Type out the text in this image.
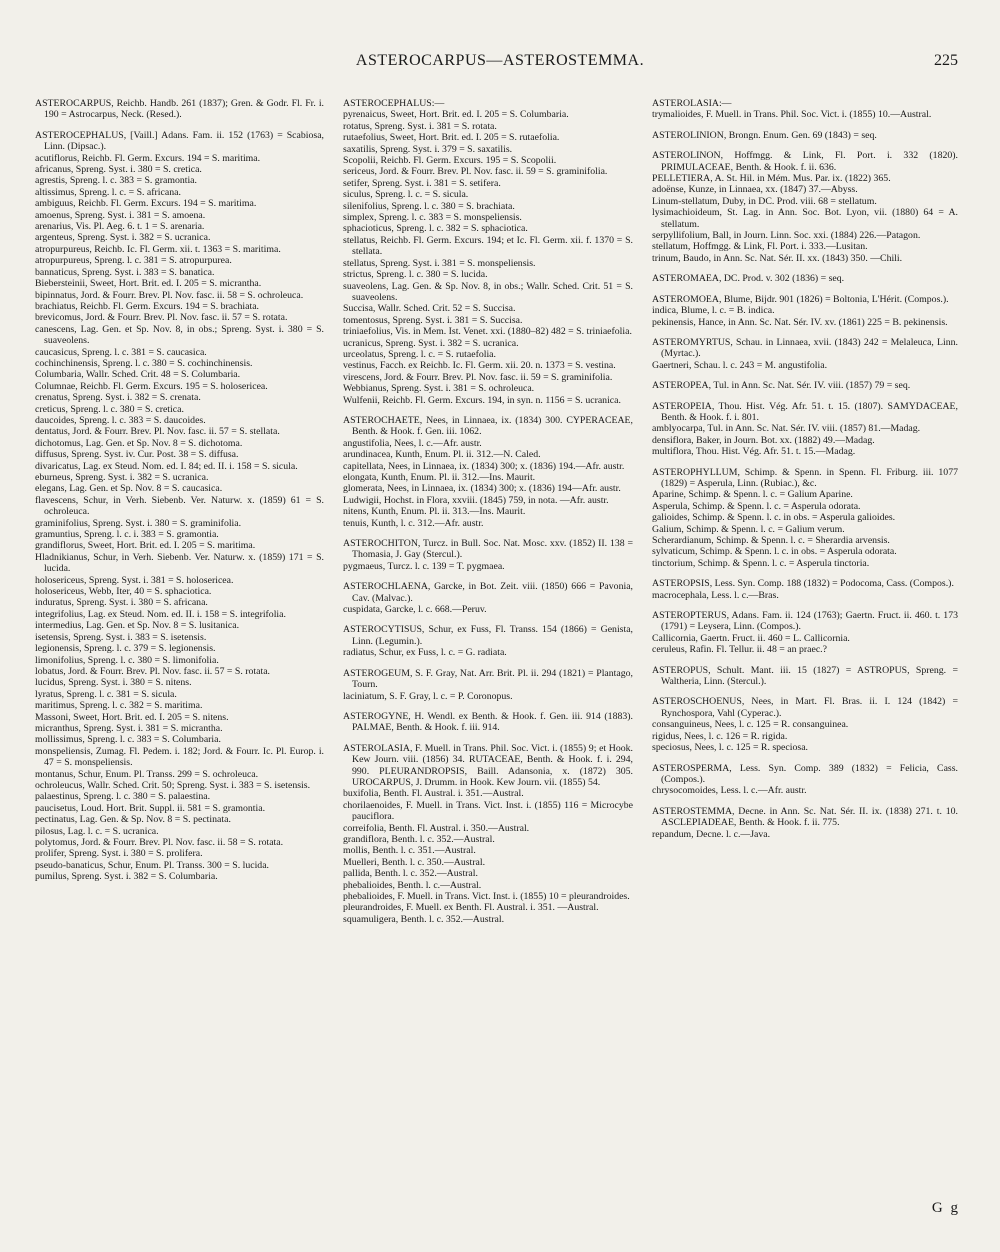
ASTEROCARPUS—ASTEROSTEMMA.	225
ASTEROCARPUS, Reichb. Handb. 261 (1837); Gren. & Godr. Fl. Fr. i. 190 = Astrocarpus, Neck. (Resed.).
ASTEROCEPHALUS, [Vaill.] Adans. Fam. ii. 152 (1763) = Scabiosa, Linn. (Dipsac.).
acutiflorus, Reichb. Fl. Germ. Excurs. 194 = S. maritima.
africanus, Spreng. Syst. i. 380 = S. cretica.
agrestis, Spreng. l. c. 383 = S. gramontia.
altissimus, Spreng. l. c. = S. africana.
ambiguus, Reichb. Fl. Germ. Excurs. 194 = S. maritima.
amoenus, Spreng. Syst. i. 381 = S. amoena.
arenarius, Vis. Pl. Aeg. 6. t. 1 = S. arenaria.
argenteus, Spreng. Syst. i. 382 = S. ucranica.
atropurpureus, Reichb. Ic. Fl. Germ. xii. t. 1363 = S. maritima.
atropurpureus, Spreng. l. c. 381 = S. atropurpurea.
bannaticus, Spreng. Syst. i. 383 = S. banatica.
Biebersteinii, Sweet, Hort. Brit. ed. I. 205 = S. micrantha.
bipinnatus, Jord. & Fourr. Brev. Pl. Nov. fasc. ii. 58 = S. ochroleuca.
brachiatus, Reichb. Fl. Germ. Excurs. 194 = S. brachiata.
brevicomus, Jord. & Fourr. Brev. Pl. Nov. fasc. ii. 57 = S. rotata.
canescens, Lag. Gen. et Sp. Nov. 8, in obs.; Spreng. Syst. i. 380 = S. suaveolens.
caucasicus, Spreng. l. c. 381 = S. caucasica.
cochinchinensis, Spreng. l. c. 380 = S. cochinchinensis.
Columbaria, Wallr. Sched. Crit. 48 = S. Columbaria.
Columnae, Reichb. Fl. Germ. Excurs. 195 = S. holosericea.
crenatus, Spreng. Syst. i. 382 = S. crenata.
creticus, Spreng. l. c. 380 = S. cretica.
daucoides, Spreng. l. c. 383 = S. daucoides.
dentatus, Jord. & Fourr. Brev. Pl. Nov. fasc. ii. 57 = S. stellata.
dichotomus, Lag. Gen. et Sp. Nov. 8 = S. dichotoma.
diffusus, Spreng. Syst. iv. Cur. Post. 38 = S. diffusa.
divaricatus, Lag. ex Steud. Nom. ed. I. 84; ed. II. i. 158 = S. sicula.
eburneus, Spreng. Syst. i. 382 = S. ucranica.
elegans, Lag. Gen. et Sp. Nov. 8 = S. caucasica.
flavescens, Schur, in Verh. Siebenb. Ver. Naturw. x. (1859) 61 = S. ochroleuca.
graminifolius, Spreng. Syst. i. 380 = S. graminifolia.
gramuntius, Spreng. l. c. i. 383 = S. gramontia.
grandiflorus, Sweet, Hort. Brit. ed. I. 205 = S. maritima.
Hladnikianus, Schur, in Verh. Siebenb. Ver. Naturw. x. (1859) 171 = S. lucida.
holosericeus, Spreng. Syst. i. 381 = S. holosericea.
holosericeus, Webb, Iter, 40 = S. sphaciotica.
induratus, Spreng. Syst. i. 380 = S. africana.
integrifolius, Lag. ex Steud. Nom. ed. II. i. 158 = S. integrifolia.
intermedius, Lag. Gen. et Sp. Nov. 8 = S. lusitanica.
isetensis, Spreng. Syst. i. 383 = S. isetensis.
legionensis, Spreng. l. c. 379 = S. legionensis.
limonifolius, Spreng. l. c. 380 = S. limonifolia.
lobatus, Jord. & Fourr. Brev. Pl. Nov. fasc. ii. 57 = S. rotata.
lucidus, Spreng. Syst. i. 380 = S. nitens.
lyratus, Spreng. l. c. 381 = S. sicula.
maritimus, Spreng. l. c. 382 = S. maritima.
Massoni, Sweet, Hort. Brit. ed. I. 205 = S. nitens.
micranthus, Spreng. Syst. i. 381 = S. micrantha.
mollissimus, Spreng. l. c. 383 = S. Columbaria.
monspeliensis, Zumag. Fl. Pedem. i. 182; Jord. & Fourr. Ic. Pl. Europ. i. 47 = S. monspeliensis.
montanus, Schur, Enum. Pl. Transs. 299 = S. ochroleuca.
ochroleucus, Wallr. Sched. Crit. 50; Spreng. Syst. i. 383 = S. isetensis.
palaestinus, Spreng. l. c. 380 = S. palaestina.
paucisetus, Loud. Hort. Brit. Suppl. ii. 581 = S. gramontia.
pectinatus, Lag. Gen. & Sp. Nov. 8 = S. pectinata.
pilosus, Lag. l. c. = S. ucranica.
polytomus, Jord. & Fourr. Brev. Pl. Nov. fasc. ii. 58 = S. rotata.
prolifer, Spreng. Syst. i. 380 = S. prolifera.
pseudo-banaticus, Schur, Enum. Pl. Transs. 300 = S. lucida.
pumilus, Spreng. Syst. i. 382 = S. Columbaria.
ASTEROCEPHALUS:—
pyrenaicus, Sweet, Hort. Brit. ed. I. 205 = S. Columbaria.
rotatus, Spreng. Syst. i. 381 = S. rotata.
rutaefolius, Sweet, Hort. Brit. ed. I. 205 = S. rutaefolia.
saxatilis, Spreng. Syst. i. 379 = S. saxatilis.
Scopolii, Reichb. Fl. Germ. Excurs. 195 = S. Scopolii.
sericeus, Jord. & Fourr. Brev. Pl. Nov. fasc. ii. 59 = S. graminifolia.
setifer, Spreng. Syst. i. 381 = S. setifera.
siculus, Spreng. l. c. = S. sicula.
silenifolius, Spreng. l. c. 380 = S. brachiata.
simplex, Spreng. l. c. 383 = S. monspeliensis.
sphacioticus, Spreng. l. c. 382 = S. sphaciotica.
stellatus, Reichb. Fl. Germ. Excurs. 194; et Ic. Fl. Germ. xii. f. 1370 = S. stellata.
stellatus, Spreng. Syst. i. 381 = S. monspeliensis.
strictus, Spreng. l. c. 380 = S. lucida.
suaveolens, Lag. Gen. & Sp. Nov. 8, in obs.; Wallr. Sched. Crit. 51 = S. suaveolens.
Succisa, Wallr. Sched. Crit. 52 = S. Succisa.
tomentosus, Spreng. Syst. i. 381 = S. Succisa.
triniaefolius, Vis. in Mem. Ist. Venet. xxi. (1880–82) 482 = S. triniaefolia.
ucranicus, Spreng. Syst. i. 382 = S. ucranica.
urceolatus, Spreng. l. c. = S. rutaefolia.
vestinus, Facch. ex Reichb. Ic. Fl. Germ. xii. 20. n. 1373 = S. vestina.
virescens, Jord. & Fourr. Brev. Pl. Nov. fasc. ii. 59 = S. graminifolia.
Webbianus, Spreng. Syst. i. 381 = S. ochroleuca.
Wulfenii, Reichb. Fl. Germ. Excurs. 194, in syn. n. 1156 = S. ucranica.
ASTEROCHAETE, Nees, in Linnaea, ix. (1834) 300. CYPERACEAE, Benth. & Hook. f. Gen. iii. 1062.
angustifolia, Nees, l. c.—Afr. austr.
arundinacea, Kunth, Enum. Pl. ii. 312.—N. Caled.
capitellata, Nees, in Linnaea, ix. (1834) 300; x. (1836) 194.—Afr. austr.
elongata, Kunth, Enum. Pl. ii. 312.—Ins. Maurit.
glomerata, Nees, in Linnaea, ix. (1834) 300; x. (1836) 194—Afr. austr.
Ludwigii, Hochst. in Flora, xxviii. (1845) 759, in nota. —Afr. austr.
nitens, Kunth, Enum. Pl. ii. 313.—Ins. Maurit.
tenuis, Kunth, l. c. 312.—Afr. austr.
ASTEROCHITON, Turcz. in Bull. Soc. Nat. Mosc. xxv. (1852) II. 138 = Thomasia, J. Gay (Stercul.).
pygmaeus, Turcz. l. c. 139 = T. pygmaea.
ASTEROCHLAENA, Garcke, in Bot. Zeit. viii. (1850) 666 = Pavonia, Cav. (Malvac.).
cuspidata, Garcke, l. c. 668.—Peruv.
ASTEROCYTISUS, Schur, ex Fuss, Fl. Transs. 154 (1866) = Genista, Linn. (Legumin.).
radiatus, Schur, ex Fuss, l. c. = G. radiata.
ASTEROGEUM, S. F. Gray, Nat. Arr. Brit. Pl. ii. 294 (1821) = Plantago, Tourn.
laciniatum, S. F. Gray, l. c. = P. Coronopus.
ASTEROGYNE, H. Wendl. ex Benth. & Hook. f. Gen. iii. 914 (1883). PALMAE, Benth. & Hook. f. iii. 914.
ASTEROLASIA, F. Muell. in Trans. Phil. Soc. Vict. i. (1855) 9; et Hook. Kew Journ. viii. (1856) 34. RUTACEAE, Benth. & Hook. f. i. 294, 990. PLEURANDROPSIS, Baill. Adansonia, x. (1872) 305. UROCARPUS, J. Drumm. in Hook. Kew Journ. vii. (1855) 54.
buxifolia, Benth. Fl. Austral. i. 351.—Austral.
chorilaenoides, F. Muell. in Trans. Vict. Inst. i. (1855) 116 = Microcybe pauciflora.
correifolia, Benth. Fl. Austral. i. 350.—Austral.
grandiflora, Benth. l. c. 352.—Austral.
mollis, Benth. l. c. 351.—Austral.
Muelleri, Benth. l. c. 350.—Austral.
pallida, Benth. l. c. 352.—Austral.
phebalioides, Benth. l. c.—Austral.
phebalioides, F. Muell. in Trans. Vict. Inst. i. (1855) 10 = pleurandroides.
pleurandroides, F. Muell. ex Benth. Fl. Austral. i. 351. —Austral.
squamuligera, Benth. l. c. 352.—Austral.
ASTEROLASIA:—
trymalioides, F. Muell. in Trans. Phil. Soc. Vict. i. (1855) 10.—Austral.
ASTEROLINION, Brongn. Enum. Gen. 69 (1843) = seq.
ASTEROLINON, Hoffmgg. & Link, Fl. Port. i. 332 (1820). PRIMULACEAE, Benth. & Hook. f. ii. 636.
PELLETIERA, A. St. Hil. in Mém. Mus. Par. ix. (1822) 365.
adoënse, Kunze, in Linnaea, xx. (1847) 37.—Abyss.
Linum-stellatum, Duby, in DC. Prod. viii. 68 = stellatum.
lysimachioideum, St. Lag. in Ann. Soc. Bot. Lyon, vii. (1880) 64 = A. stellatum.
serpyllifolium, Ball, in Journ. Linn. Soc. xxi. (1884) 226.—Patagon.
stellatum, Hoffmgg. & Link, Fl. Port. i. 333.—Lusitan.
trinum, Baudo, in Ann. Sc. Nat. Sér. II. xx. (1843) 350. —Chili.
ASTEROMAEA, DC. Prod. v. 302 (1836) = seq.
ASTEROMOEA, Blume, Bijdr. 901 (1826) = Boltonia, L'Hérit. (Compos.).
indica, Blume, l. c. = B. indica.
pekinensis, Hance, in Ann. Sc. Nat. Sér. IV. xv. (1861) 225 = B. pekinensis.
ASTEROMYRTUS, Schau. in Linnaea, xvii. (1843) 242 = Melaleuca, Linn. (Myrtac.).
Gaertneri, Schau. l. c. 243 = M. angustifolia.
ASTEROPEA, Tul. in Ann. Sc. Nat. Sér. IV. viii. (1857) 79 = seq.
ASTEROPEIA, Thou. Hist. Vég. Afr. 51. t. 15. (1807). SAMYDACEAE, Benth. & Hook. f. i. 801.
amblyocarpa, Tul. in Ann. Sc. Nat. Sér. IV. viii. (1857) 81.—Madag.
densiflora, Baker, in Journ. Bot. xx. (1882) 49.—Madag.
multiflora, Thou. Hist. Vég. Afr. 51. t. 15.—Madag.
ASTEROPHYLLUM, Schimp. & Spenn. in Spenn. Fl. Friburg. iii. 1077 (1829) = Asperula, Linn. (Rubiac.), &c.
Aparine, Schimp. & Spenn. l. c. = Galium Aparine.
Asperula, Schimp. & Spenn. l. c. = Asperula odorata.
galioides, Schimp. & Spenn. l. c. in obs. = Asperula galioides.
Galium, Schimp. & Spenn. l. c. = Galium verum.
Scherardianum, Schimp. & Spenn. l. c. = Sherardia arvensis.
sylvaticum, Schimp. & Spenn. l. c. in obs. = Asperula odorata.
tinctorium, Schimp. & Spenn. l. c. = Asperula tinctoria.
ASTEROPSIS, Less. Syn. Comp. 188 (1832) = Podocoma, Cass. (Compos.).
macrocephala, Less. l. c.—Bras.
ASTEROPTERUS, Adans. Fam. ii. 124 (1763); Gaertn. Fruct. ii. 460. t. 173 (1791) = Leysera, Linn. (Compos.).
Callicornia, Gaertn. Fruct. ii. 460 = L. Callicornia.
ceruleus, Rafin. Fl. Tellur. ii. 48 = an praec.?
ASTEROPUS, Schult. Mant. iii. 15 (1827) = ASTROPUS, Spreng. = Waltheria, Linn. (Stercul.).
ASTEROSCHOENUS, Nees, in Mart. Fl. Bras. ii. I. 124 (1842) = Rynchospora, Vahl (Cyperac.).
consanguineus, Nees, l. c. 125 = R. consanguinea.
rigidus, Nees, l. c. 126 = R. rigida.
speciosus, Nees, l. c. 125 = R. speciosa.
ASTEROSPERMA, Less. Syn. Comp. 389 (1832) = Felicia, Cass. (Compos.).
chrysocomoides, Less. l. c.—Afr. austr.
ASTEROSTEMMA, Decne. in Ann. Sc. Nat. Sér. II. ix. (1838) 271. t. 10. ASCLEPIADEAE, Benth. & Hook. f. ii. 775.
repandum, Decne. l. c.—Java.
G g
